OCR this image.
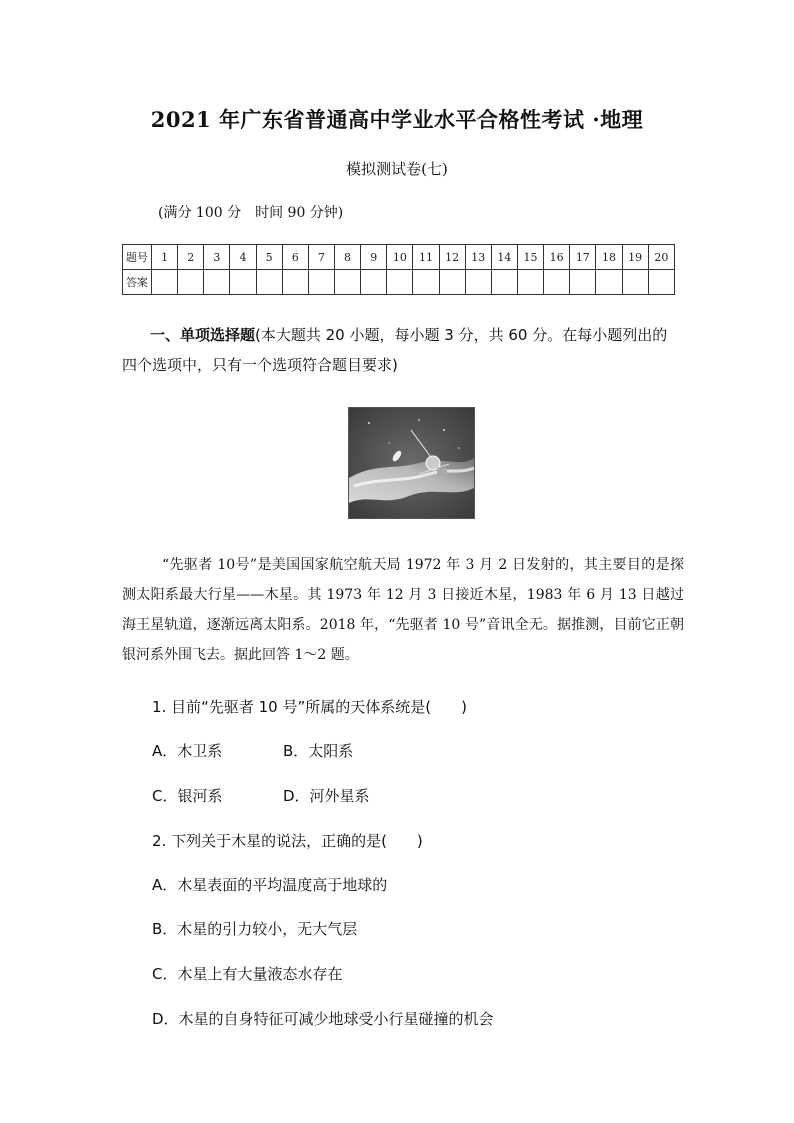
2021 年广东省普通高中学业水平合格性考试 ·地理
模拟测试卷(七)
(满分 100 分　时间 90 分钟)
题号	1	2	3	4	5	6	7	8	9	10	11	12	13	14	15	16	17	18	19	20
答案																				
一、单项选择题(本大题共 20 小题，每小题 3 分，共 60 分。在每小题列出的四个选项中，只有一个选项符合题目要求)
“先驱者 10号”是美国国家航空航天局 1972 年 3 月 2 日发射的，其主要目的是探测太阳系最大行星——木星。其 1973 年 12 月 3 日接近木星，1983 年 6 月 13 日越过海王星轨道，逐渐远离太阳系。2018 年，“先驱者 10 号”音讯全无。据推测，目前它正朝银河系外围飞去。据此回答 1～2 题。
1. 目前“先驱者 10 号”所属的天体系统是(　　)
A．木卫系	B．太阳系
C．银河系	D．河外星系
2. 下列关于木星的说法，正确的是(　　)
A．木星表面的平均温度高于地球的
B．木星的引力较小，无大气层
C．木星上有大量液态水存在
D．木星的自身特征可减少地球受小行星碰撞的机会
